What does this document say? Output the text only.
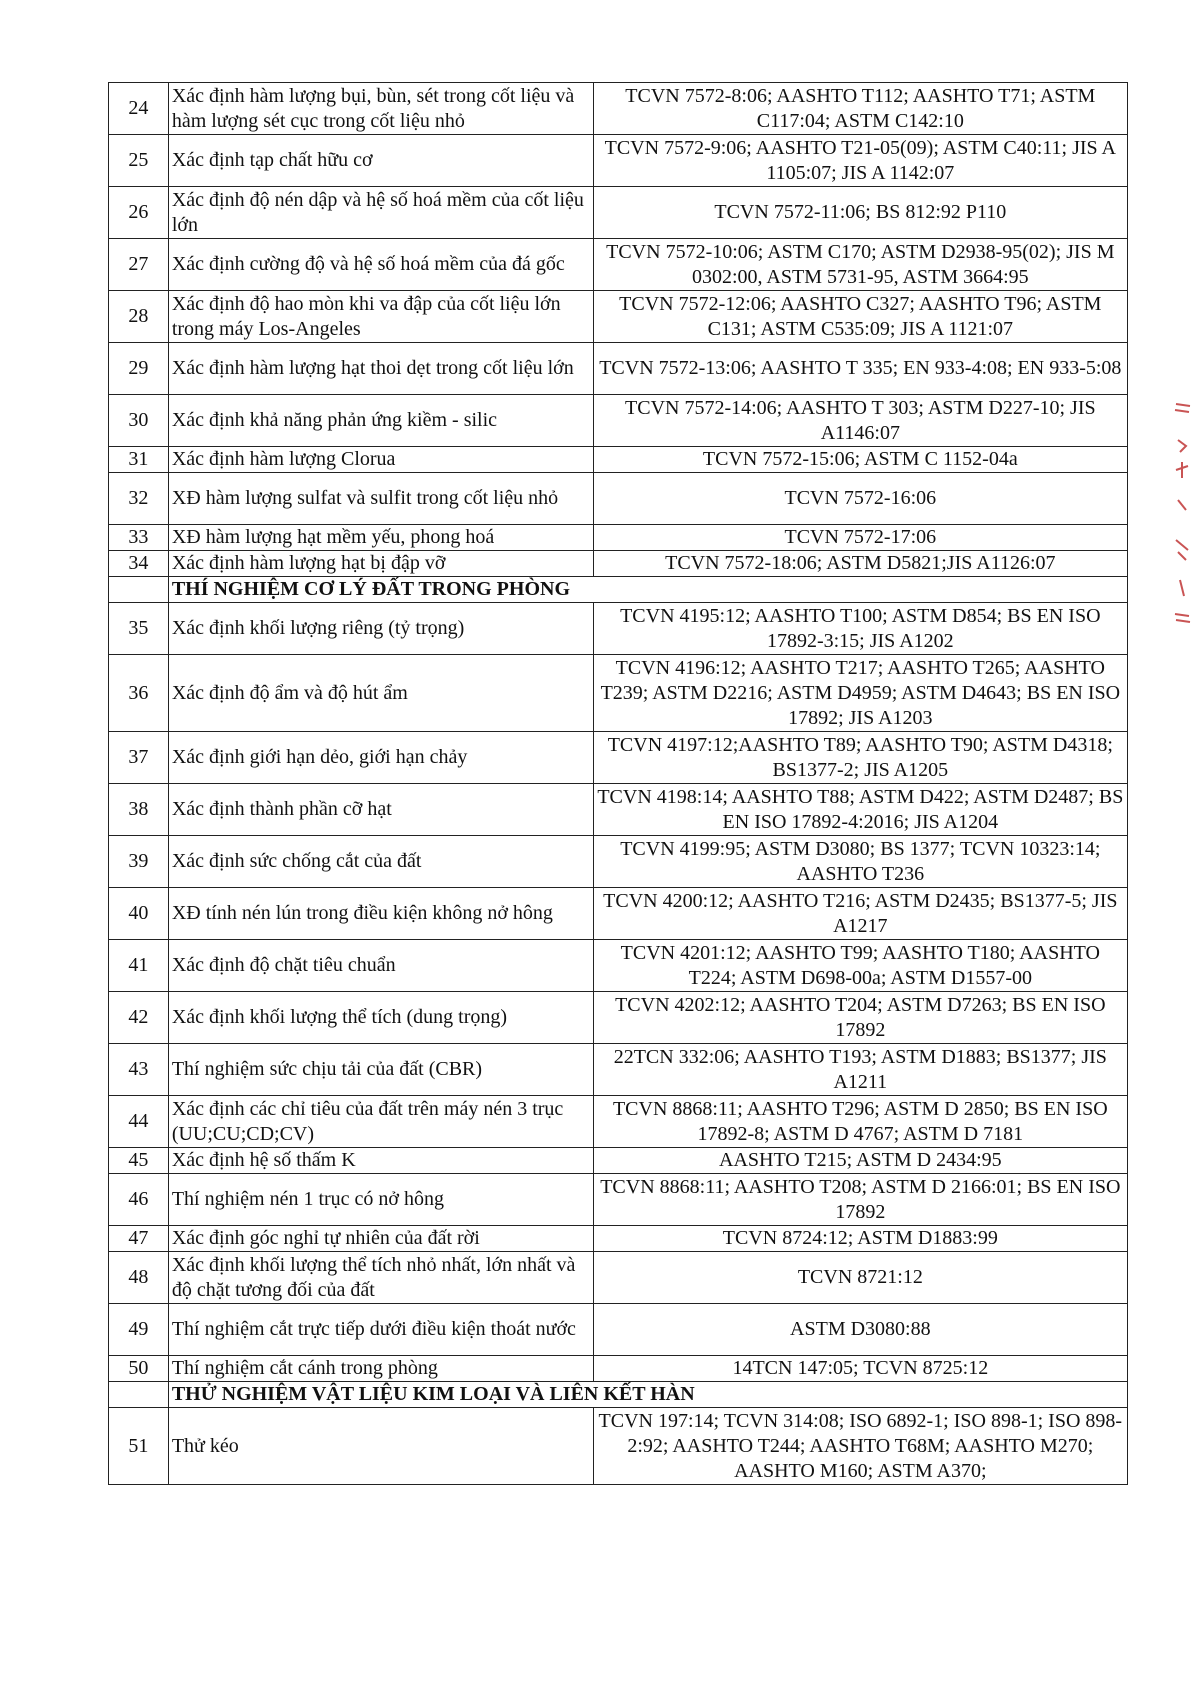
24	Xác định hàm lượng bụi, bùn, sét trong cốt liệu và hàm lượng sét cục trong cốt liệu nhỏ	TCVN 7572-8:06; AASHTO T112; AASHTO T71; ASTM C117:04; ASTM C142:10
25	Xác định tạp chất hữu cơ	TCVN 7572-9:06; AASHTO T21-05(09); ASTM C40:11; JIS A 1105:07; JIS A 1142:07
26	Xác định độ nén dập và hệ số hoá mềm của cốt liệu lớn	TCVN 7572-11:06; BS 812:92 P110
27	Xác định cường độ và hệ số hoá mềm của đá gốc	TCVN 7572-10:06; ASTM C170; ASTM D2938-95(02); JIS M 0302:00, ASTM 5731-95, ASTM 3664:95
28	Xác định độ hao mòn khi va đập của cốt liệu lớn trong máy Los-Angeles	TCVN 7572-12:06; AASHTO C327; AASHTO T96; ASTM C131; ASTM C535:09; JIS A 1121:07
29	Xác định hàm lượng hạt thoi dẹt trong cốt liệu lớn	TCVN 7572-13:06; AASHTO T 335; EN 933-4:08; EN 933-5:08
30	Xác định khả năng phản ứng kiềm - silic	TCVN 7572-14:06; AASHTO T 303; ASTM D227-10; JIS A1146:07
31	Xác định hàm lượng Clorua	TCVN 7572-15:06; ASTM C 1152-04a
32	XĐ hàm lượng sulfat và sulfit trong cốt liệu nhỏ	TCVN 7572-16:06
33	XĐ hàm lượng hạt mềm yếu, phong hoá	TCVN 7572-17:06
34	Xác định hàm lượng hạt bị đập vỡ	TCVN 7572-18:06; ASTM D5821;JIS A1126:07
	THÍ NGHIỆM CƠ LÝ ĐẤT TRONG PHÒNG	
35	Xác định khối lượng riêng (tỷ trọng)	TCVN 4195:12; AASHTO T100; ASTM D854; BS EN ISO 17892-3:15; JIS A1202
36	Xác định độ ẩm và độ hút ẩm	TCVN 4196:12; AASHTO T217; AASHTO T265; AASHTO T239; ASTM D2216; ASTM D4959; ASTM D4643; BS EN ISO 17892; JIS A1203
37	Xác định giới hạn dẻo, giới hạn chảy	TCVN 4197:12;AASHTO T89; AASHTO T90; ASTM D4318; BS1377-2; JIS A1205
38	Xác định thành phần cỡ hạt	TCVN 4198:14; AASHTO T88; ASTM D422; ASTM D2487; BS EN ISO 17892-4:2016; JIS A1204
39	Xác định sức chống cắt của đất	TCVN 4199:95; ASTM D3080; BS 1377; TCVN 10323:14; AASHTO T236
40	XĐ tính nén lún trong điều kiện không nở hông	TCVN 4200:12; AASHTO T216; ASTM D2435; BS1377-5; JIS A1217
41	Xác định độ chặt tiêu chuẩn	TCVN 4201:12; AASHTO T99; AASHTO T180; AASHTO T224; ASTM D698-00a; ASTM D1557-00
42	Xác định khối lượng thể tích (dung trọng)	TCVN 4202:12; AASHTO T204; ASTM D7263; BS EN ISO 17892
43	Thí nghiệm sức chịu tải của đất (CBR)	22TCN 332:06; AASHTO T193; ASTM D1883; BS1377; JIS A1211
44	Xác định các chỉ tiêu của đất trên máy nén 3 trục (UU;CU;CD;CV)	TCVN 8868:11; AASHTO T296; ASTM D 2850; BS EN ISO 17892-8; ASTM D 4767; ASTM D 7181
45	Xác định hệ số thấm K	AASHTO T215; ASTM D 2434:95
46	Thí nghiệm nén 1 trục có nở hông	TCVN 8868:11; AASHTO T208; ASTM D 2166:01; BS EN ISO 17892
47	Xác định góc nghỉ tự nhiên của đất rời	TCVN 8724:12; ASTM D1883:99
48	Xác định khối lượng thể tích nhỏ nhất, lớn nhất và độ chặt tương đối của đất	TCVN 8721:12
49	Thí nghiệm cắt trực tiếp dưới điều kiện thoát nước	ASTM D3080:88
50	Thí nghiệm cắt cánh trong phòng	14TCN 147:05; TCVN 8725:12
	THỬ NGHIỆM VẬT LIỆU KIM LOẠI VÀ LIÊN KẾT HÀN	
51	Thử kéo	TCVN 197:14; TCVN 314:08; ISO 6892-1; ISO 898-1; ISO 898-2:92; AASHTO T244; AASHTO T68M; AASHTO M270; AASHTO M160; ASTM A370;
